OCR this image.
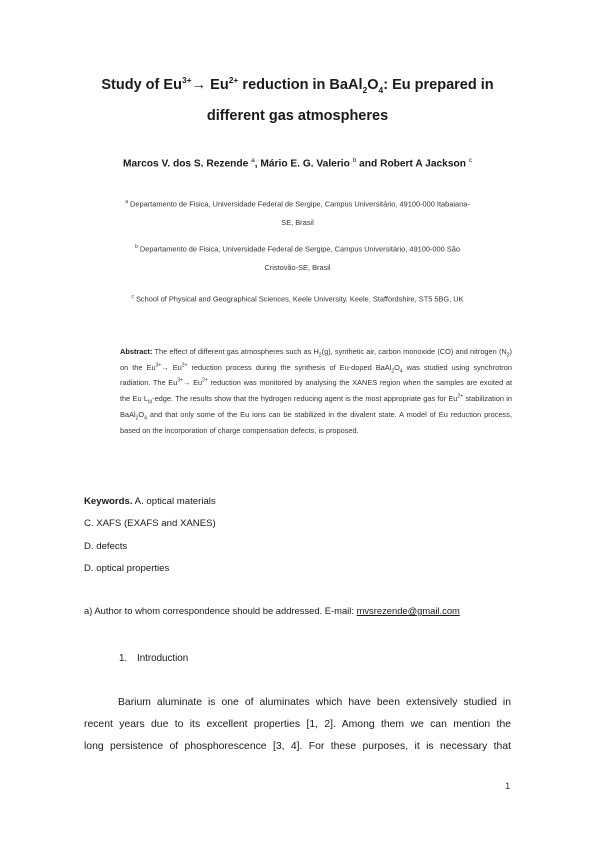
Study of $Eu^{3+}\to Eu^{2+}$ reduction in $BaAl_2O_4$: Eu prepared in
different gas atmospheres
Marcos V. dos S. Rezende $^a$, Mário E. G. Valerio $^b$ and Robert A Jackson $^c$
$^a$ Departamento de Fisica, Universidade Federal de Sergipe, Campus Universitário, 49100-000 Itabaiana-
SE, Brasil
$^b$ Departamento de Fisica, Universidade Federal de Sergipe, Campus Universitário, 49100-000 São
Cristovão-SE, Brasil
$^c$ School of Physical and Geographical Sciences, Keele University, Keele, Staffordshire, ST5 5BG, UK
Abstract: The effect of different gas atmospheres such as $H_2(g)$, synthetic air, carbon monoxide (CO) and nitrogen $(N_2)$ on the $Eu^{3+}\to Eu^{2+}$ reduction process during the synthesis of Eu-doped $BaAl_2O_4$ was studied using synchrotron radiation. The $Eu^{3+}\to Eu^{2+}$ reduction was monitored by analysing the XANES region when the samples are excited at the Eu $L_{III}$-edge. The results show that the hydrogen reducing agent is the most appropriate gas for $Eu^{2+}$ stabilization in $BaAl_2O_4$ and that only some of the Eu ions can be stabilized in the divalent state. A model of Eu reduction process, based on the incorporation of charge compensation defects, is proposed.
Keywords. A. optical materials
C. XAFS (EXAFS and XANES)
D. defects
D. optical properties
a) Author to whom correspondence should be addressed. E-mail: mvsrezende@gmail.com
1. Introduction
Barium aluminate is one of aluminates which have been extensively studied in
recent years due to its excellent properties [1, 2]. Among them we can mention the
long persistence of phosphorescence [3, 4]. For these purposes, it is necessary that
1
